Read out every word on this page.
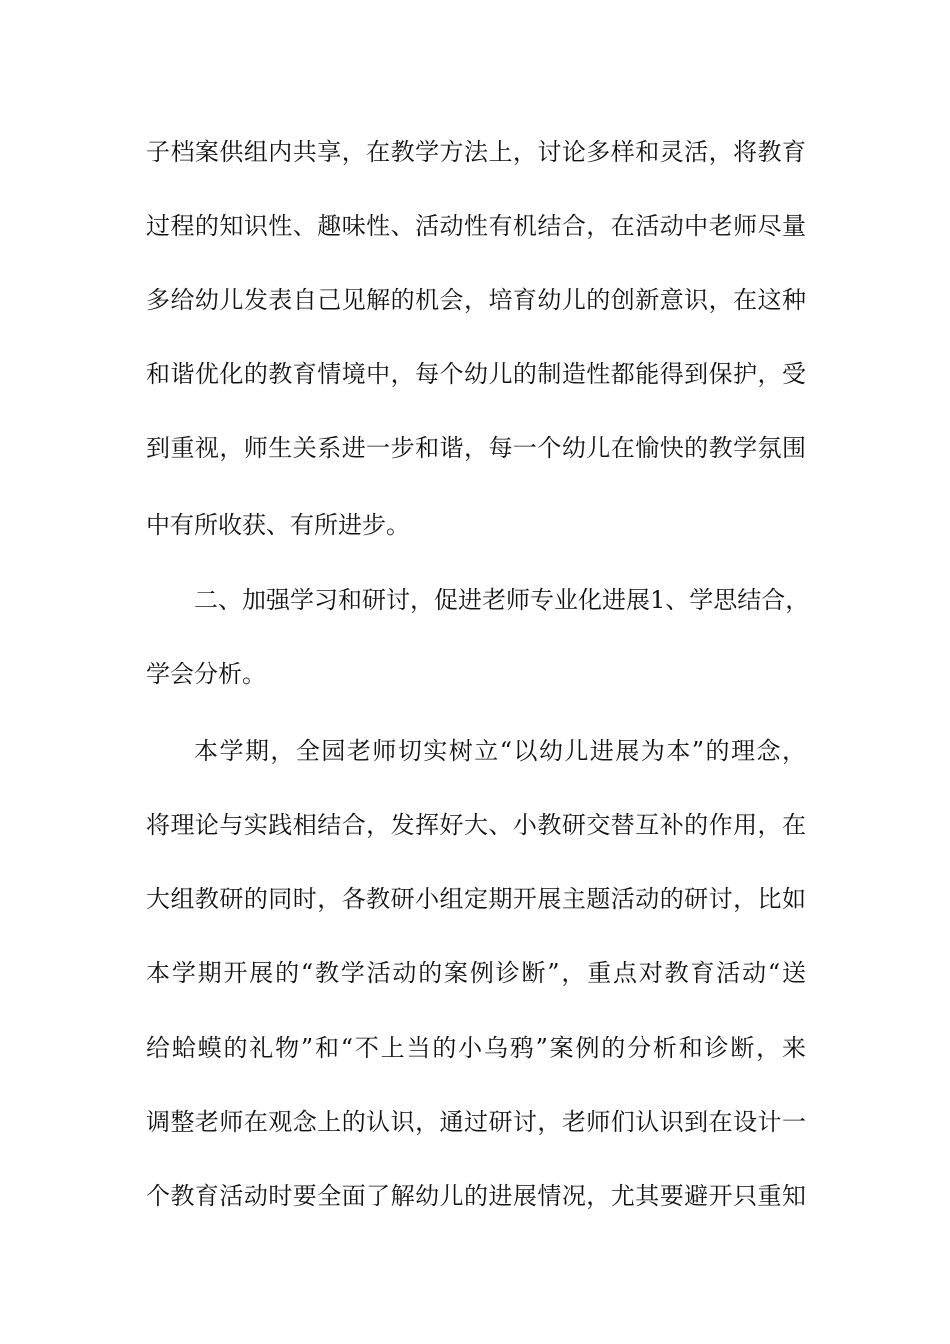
子档案供组内共享，在教学方法上，讨论多样和灵活，将教育
过程的知识性、趣味性、活动性有机结合，在活动中老师尽量
多给幼儿发表自己见解的机会，培育幼儿的创新意识，在这种
和谐优化的教育情境中，每个幼儿的制造性都能得到保护，受
到重视，师生关系进一步和谐，每一个幼儿在愉快的教学氛围
中有所收获、有所进步。
二、加强学习和研讨，促进老师专业化进展1、学思结合，
学会分析。
本学期，全园老师切实树立“以幼儿进展为本”的理念，
将理论与实践相结合，发挥好大、小教研交替互补的作用，在
大组教研的同时，各教研小组定期开展主题活动的研讨，比如
本学期开展的“教学活动的案例诊断”，重点对教育活动“送
给蛤蟆的礼物”和“不上当的小乌鸦”案例的分析和诊断，来
调整老师在观念上的认识，通过研讨，老师们认识到在设计一
个教育活动时要全面了解幼儿的进展情况，尤其要避开只重知
